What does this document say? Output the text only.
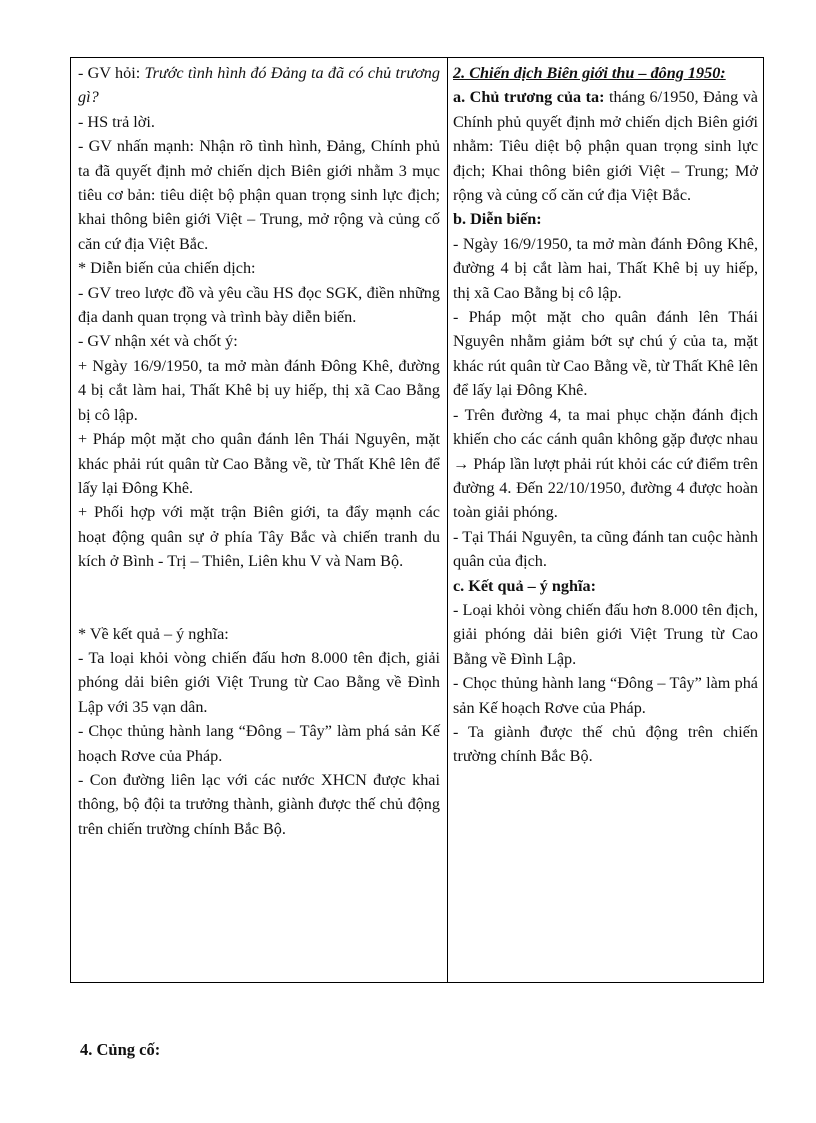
- GV hỏi: Trước tình hình đó Đảng ta đã có chủ trương gì?

- HS trả lời.

- GV nhấn mạnh: Nhận rõ tình hình, Đảng, Chính phủ ta đã quyết định mở chiến dịch Biên giới nhằm 3 mục tiêu cơ bản: tiêu diệt bộ phận quan trọng sinh lực địch; khai thông biên giới Việt – Trung, mở rộng và củng cố căn cứ địa Việt Bắc.

* Diễn biến của chiến dịch:

- GV treo lược đồ và yêu cầu HS đọc SGK, điền những địa danh quan trọng và trình bày diễn biến.

- GV nhận xét và chốt ý:

+ Ngày 16/9/1950, ta mở màn đánh Đông Khê, đường 4 bị cắt làm hai, Thất Khê bị uy hiếp, thị xã Cao Bằng bị cô lập.

+ Pháp một mặt cho quân đánh lên Thái Nguyên, mặt khác phải rút quân từ Cao Bằng về, từ Thất Khê lên để lấy lại Đông Khê.

+ Phối hợp với mặt trận Biên giới, ta đẩy mạnh các hoạt động quân sự ở phía Tây Bắc và chiến tranh du kích ở Bình - Trị – Thiên, Liên khu V và Nam Bộ.

* Về kết quả – ý nghĩa:

- Ta loại khỏi vòng chiến đấu hơn 8.000 tên địch, giải phóng dải biên giới Việt Trung từ Cao Bằng về Đình Lập với 35 vạn dân.

- Chọc thủng hành lang “Đông – Tây” làm phá sản Kế hoạch Rơve của Pháp.

- Con đường liên lạc với các nước XHCN được khai thông, bộ đội ta trưởng thành, giành được thế chủ động trên chiến trường chính Bắc Bộ.

2. Chiến dịch Biên giới thu – đông 1950:

a. Chủ trương của ta: tháng 6/1950, Đảng và Chính phủ quyết định mở chiến dịch Biên giới nhằm: Tiêu diệt bộ phận quan trọng sinh lực địch; Khai thông biên giới Việt – Trung; Mở rộng và củng cố căn cứ địa Việt Bắc.

b. Diễn biến:

- Ngày 16/9/1950, ta mở màn đánh Đông Khê, đường 4 bị cắt làm hai, Thất Khê bị uy hiếp, thị xã Cao Bằng bị cô lập.

- Pháp một mặt cho quân đánh lên Thái Nguyên nhằm giảm bớt sự chú ý của ta, mặt khác rút quân từ Cao Bằng về, từ Thất Khê lên để lấy lại Đông Khê.

- Trên đường 4, ta mai phục chặn đánh địch khiến cho các cánh quân không gặp được nhau → Pháp lần lượt phải rút khỏi các cứ điểm trên đường 4. Đến 22/10/1950, đường 4 được hoàn toàn giải phóng.

- Tại Thái Nguyên, ta cũng đánh tan cuộc hành quân của địch.

c. Kết quả – ý nghĩa:

- Loại khỏi vòng chiến đấu hơn 8.000 tên địch, giải phóng dải biên giới Việt Trung từ Cao Bằng về Đình Lập.

- Chọc thủng hành lang “Đông – Tây” làm phá sản Kế hoạch Rơve của Pháp.

- Ta giành được thế chủ động trên chiến trường chính Bắc Bộ.

4. Củng cố:
